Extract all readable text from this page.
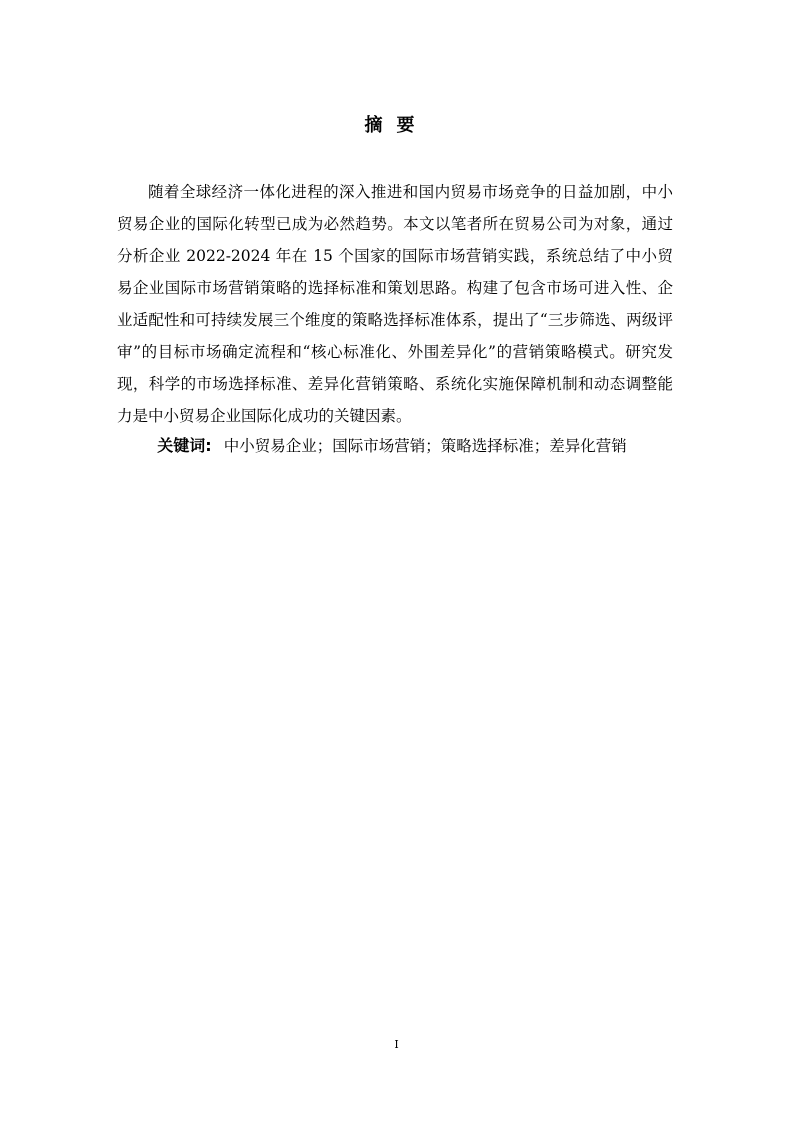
摘要

随着全球经济一体化进程的深入推进和国内贸易市场竞争的日益加剧，中小贸易企业的国际化转型已成为必然趋势。本文以笔者所在贸易公司为对象，通过分析企业 2022-2024 年在 15 个国家的国际市场营销实践，系统总结了中小贸易企业国际市场营销策略的选择标准和策划思路。构建了包含市场可进入性、企业适配性和可持续发展三个维度的策略选择标准体系，提出了“三步筛选、两级评审”的目标市场确定流程和“核心标准化、外围差异化”的营销策略模式。研究发现，科学的市场选择标准、差异化营销策略、系统化实施保障机制和动态调整能力是中小贸易企业国际化成功的关键因素。

关键词: 中小贸易企业；国际市场营销；策略选择标准；差异化营销
I
